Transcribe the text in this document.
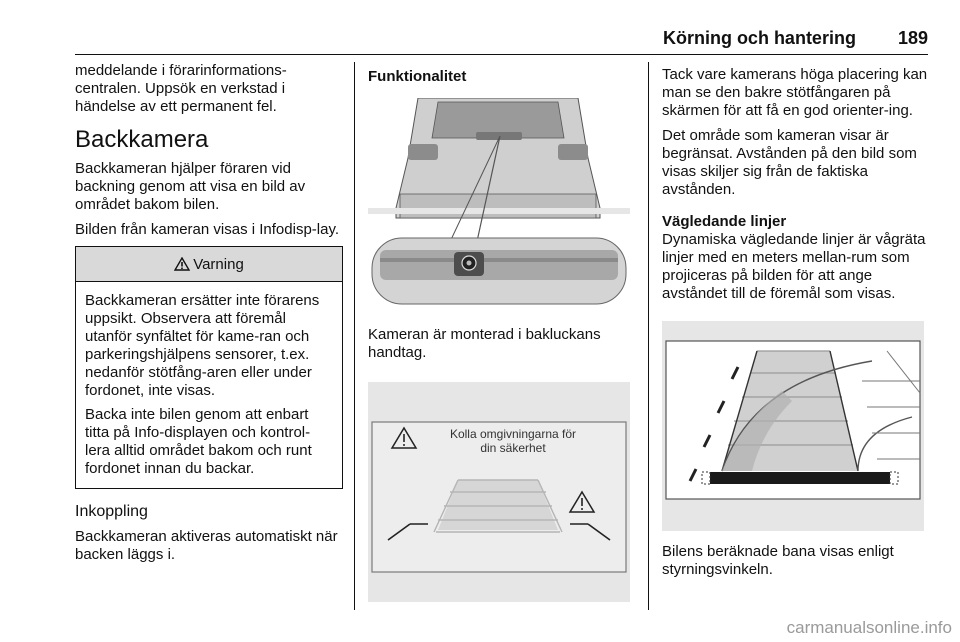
Körning och hantering 189

meddelande i förarinformations-centralen. Uppsök en verkstad i händelse av ett permanent fel.

Backkamera

Backkameran hjälper föraren vid backning genom att visa en bild av området bakom bilen.

Bilden från kameran visas i Infodisp-lay.

Varning

Backkameran ersätter inte förarens uppsikt. Observera att föremål utanför synfältet för kame-ran och parkeringshjälpens sensorer, t.ex. nedanför stötfång-aren eller under fordonet, inte visas.

Backa inte bilen genom att enbart titta på Info-displayen och kontrol-lera alltid området bakom och runt fordonet innan du backar.

Inkoppling

Backkameran aktiveras automatiskt när backen läggs i.

Funktionalitet

Kameran är monterad i bakluckans handtag.

Kolla omgivningarna för
din säkerhet

Tack vare kamerans höga placering kan man se den bakre stötfångaren på skärmen för att få en god orienter-ing.

Det område som kameran visar är begränsat. Avstånden på den bild som visas skiljer sig från de faktiska avstånden.

Vägledande linjer

Dynamiska vägledande linjer är vågräta linjer med en meters mellan-rum som projiceras på bilden för att ange avståndet till de föremål som visas.

Bilens beräknade bana visas enligt styrningsvinkeln.

carmanualsonline.info
